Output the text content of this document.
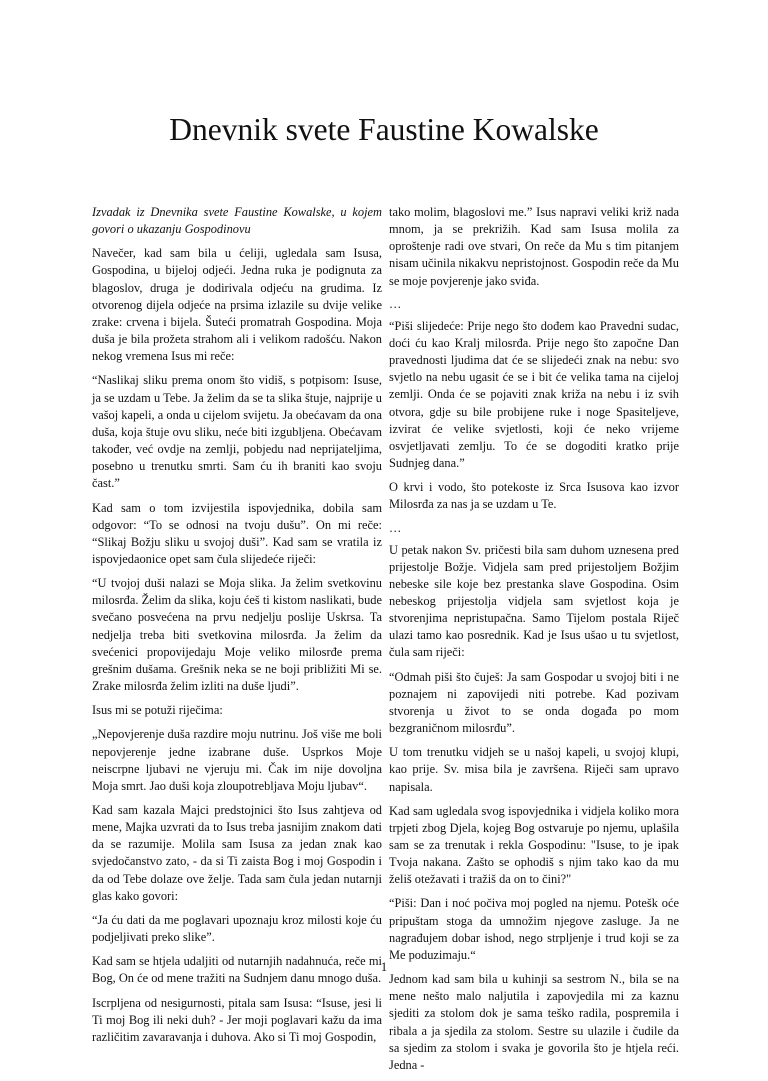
Dnevnik svete Faustine Kowalske

Izvadak iz Dnevnika svete Faustine Kowalske, u kojem govori o ukazanju Gospodinovu

Navečer, kad sam bila u ćeliji, ugledala sam Isusa, Gospodina, u bijeloj odjeći. Jedna ruka je podignuta za blagoslov, druga je dodirivala odjeću na grudima. Iz otvorenog dijela odjeće na prsima izlazile su dvije velike zrake: crvena i bijela. Šuteći promatrah Gospodina. Moja duša je bila prožeta strahom ali i velikom radošću. Nakon nekog vremena Isus mi reče:

“Naslikaj sliku prema onom što vidiš, s potpisom: Isuse, ja se uzdam u Tebe. Ja želim da se ta slika štuje, najprije u vašoj kapeli, a onda u cijelom svijetu. Ja obećavam da ona duša, koja štuje ovu sliku, neće biti izgubljena. Obećavam također, već ovdje na zemlji, pobjedu nad neprijateljima, posebno u trenutku smrti. Sam ću ih braniti kao svoju čast.”

Kad sam o tom izvijestila ispovjednika, dobila sam odgovor: “To se odnosi na tvoju dušu”. On mi reče: “Slikaj Božju sliku u svojoj duši”. Kad sam se vratila iz ispovjedaonice opet sam čula slijedeće riječi:

“U tvojoj duši nalazi se Moja slika. Ja želim svetkovinu milosrđa. Želim da slika, koju ćeš ti kistom naslikati, bude svečano posvećena na prvu nedjelju poslije Uskrsa. Ta nedjelja treba biti svetkovina milosrđa. Ja želim da svećenici propovijedaju Moje veliko milosrđe prema grešnim dušama. Grešnik neka se ne boji približiti Mi se. Zrake milosrđa želim izliti na duše ljudi”.

Isus mi se potuži riječima:

„Nepovjerenje duša razdire moju nutrinu. Još više me boli nepovjerenje jedne izabrane duše. Usprkos Moje neiscrpne ljubavi ne vjeruju mi. Čak im nije dovoljna Moja smrt. Jao duši koja zloupotrebljava Moju ljubav“.

Kad sam kazala Majci predstojnici što Isus zahtjeva od mene, Majka uzvrati da to Isus treba jasnijim znakom dati da se razumije. Molila sam Isusa za jedan znak kao svjedočanstvo zato, - da si Ti zaista Bog i moj Gospodin i da od Tebe dolaze ove želje. Tada sam čula jedan nutarnji glas kako govori:

“Ja ću dati da me poglavari upoznaju kroz milosti koje ću podjeljivati preko slike”.

Kad sam se htjela udaljiti od nutarnjih nadahnuća, reče mi Bog, On će od mene tražiti na Sudnjem danu mnogo duša.

Iscrpljena od nesigurnosti, pitala sam Isusa: “Isuse, jesi li Ti moj Bog ili neki duh? - Jer moji poglavari kažu da ima različitim zavaravanja i duhova. Ako si Ti moj Gospodin,

tako molim, blagoslovi me.” Isus napravi veliki križ nada mnom, ja se prekrižih. Kad sam Isusa molila za oproštenje radi ove stvari, On reče da Mu s tim pitanjem nisam učinila nikakvu nepristojnost. Gospodin reče da Mu se moje povjerenje jako sviđa.

…

“Piši slijedeće: Prije nego što dođem kao Pravedni sudac, doći ću kao Kralj milosrđa. Prije nego što započne Dan pravednosti ljudima dat će se slijedeći znak na nebu: svo svjetlo na nebu ugasit će se i bit će velika tama na cijeloj zemlji. Onda će se pojaviti znak križa na nebu i iz svih otvora, gdje su bile probijene ruke i noge Spasiteljeve, izvirat će velike svjetlosti, koji će neko vrijeme osvjetljavati zemlju. To će se dogoditi kratko prije Sudnjeg dana.”

O krvi i vodo, što potekoste iz Srca Isusova kao izvor Milosrđa za nas ja se uzdam u Te.

…

U petak nakon Sv. pričesti bila sam duhom uznesena pred prijestolje Božje. Vidjela sam pred prijestoljem Božjim nebeske sile koje bez prestanka slave Gospodina. Osim nebeskog prijestolja vidjela sam svjetlost koja je stvorenjima nepristupačna. Samo Tijelom postala Riječ ulazi tamo kao posrednik. Kad je Isus ušao u tu svjetlost, čula sam riječi:

“Odmah piši što čuješ: Ja sam Gospodar u svojoj biti i ne poznajem ni zapovijedi niti potrebe. Kad pozivam stvorenja u život to se onda događa po mom bezgraničnom milosrđu”.

U tom trenutku vidjeh se u našoj kapeli, u svojoj klupi, kao prije. Sv. misa bila je završena. Riječi sam upravo napisala.

Kad sam ugledala svog ispovjednika i vidjela koliko mora trpjeti zbog Djela, kojeg Bog ostvaruje po njemu, uplašila sam se za trenutak i rekla Gospodinu: "Isuse, to je ipak Tvoja nakana. Zašto se ophodiš s njim tako kao da mu želiš otežavati i tražiš da on to čini?"

“Piši: Dan i noć počiva moj pogled na njemu. Potešk oće pripuštam stoga da umnožim njegove zasluge. Ja ne nagrađujem dobar ishod, nego strpljenje i trud koji se za Me poduzimaju.“

Jednom kad sam bila u kuhinji sa sestrom N., bila se na mene nešto malo naljutila i zapovjedila mi za kaznu sjediti za stolom dok je sama teško radila, pospremila i ribala a ja sjedila za stolom. Sestre su ulazile i čudile da sa sjedim za stolom i svaka je govorila što je htjela reći. Jedna -

1
